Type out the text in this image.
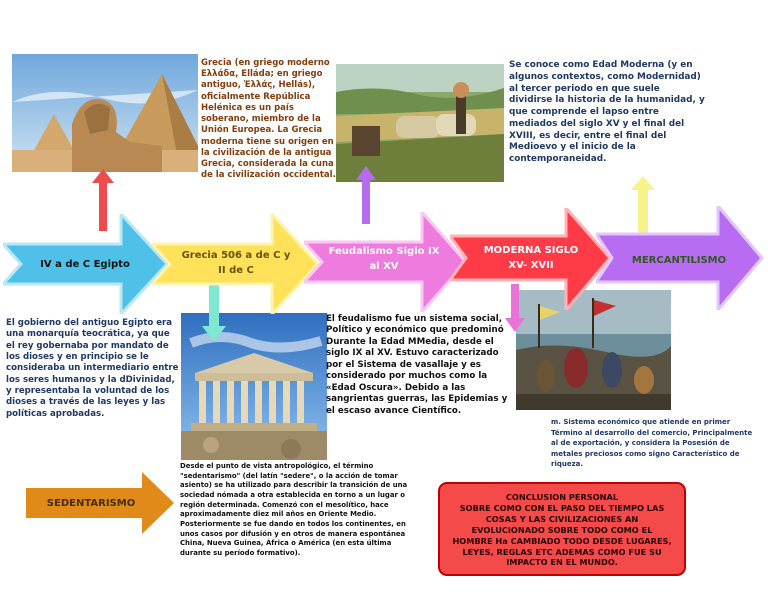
IV a de C Egipto
Grecia 506 a de C y II de C
Feudalismo Siglo IX al XV
MODERNA SIGLO XV- XVII	MERCANTILISMO
Grecia (en griego moderno Ελλάδα, Elláda; en griego antiguo, Ἑλλάς, Hellás), oficialmente República Helénica es un país soberano, miembro de la Unión Europea. La Grecia moderna tiene su origen en la civilización de la antigua Grecia, considerada la cuna de la civilización occidental.
Se conoce como Edad Moderna (y en algunos contextos, como Modernidad) al tercer periodo en que suele dividirse la historia de la humanidad, y que comprende el lapso entre mediados del siglo XV y el final del XVIII, es decir, entre el final del Medioevo y el inicio de la contemporaneidad.
El gobierno del antiguo Egipto era una monarquía teocrática, ya que el rey gobernaba por mandato de los dioses y en principio se le consideraba un intermediario entre los seres humanos y la dDivinidad, y representaba la voluntad de los dioses a través de las leyes y las políticas aprobadas.
El feudalismo fue un sistema social, Político y económico que predominó Durante la Edad MMedia, desde el siglo IX al XV. Estuvo caracterizado por el Sistema de vasallaje y es considerado por muchos como la «Edad Oscura». Debido a las sangrientas guerras, las Epidemias y el escaso avance Científico.
m. Sistema económico que atiende en primer Término al desarrollo del comercio, Principalmente al de exportación, y considera la Posesión de metales preciosos como signo Característico de riqueza.
Desde el punto de vista antropológico, el término "sedentarismo" (del latín "sedere", o la acción de tomar asiento) se ha utilizado para describir la transición de una sociedad nómada a otra establecida en torno a un lugar o región determinada. Comenzó con el mesolítico, hace aproximadamente diez mil años en Oriente Medio. Posteriormente se fue dando en todos los continentes, en unos casos por difusión y en otros de manera espontánea China, Nueva Guinea, África o América (en esta última durante su período formativo).
SEDENTARISMO
CONCLUSION PERSONAL
SOBRE COMO CON EL PASO DEL TIEMPO LAS COSAS Y LAS CIVILIZACIONES AN EVOLUCIONADO SOBRE TODO COMO EL HOMBRE Ha CAMBIADO TODO DESDE LUGARES, LEYES, REGLAS ETC ADEMAS COMO FUE SU IMPACTO EN EL MUNDO.
